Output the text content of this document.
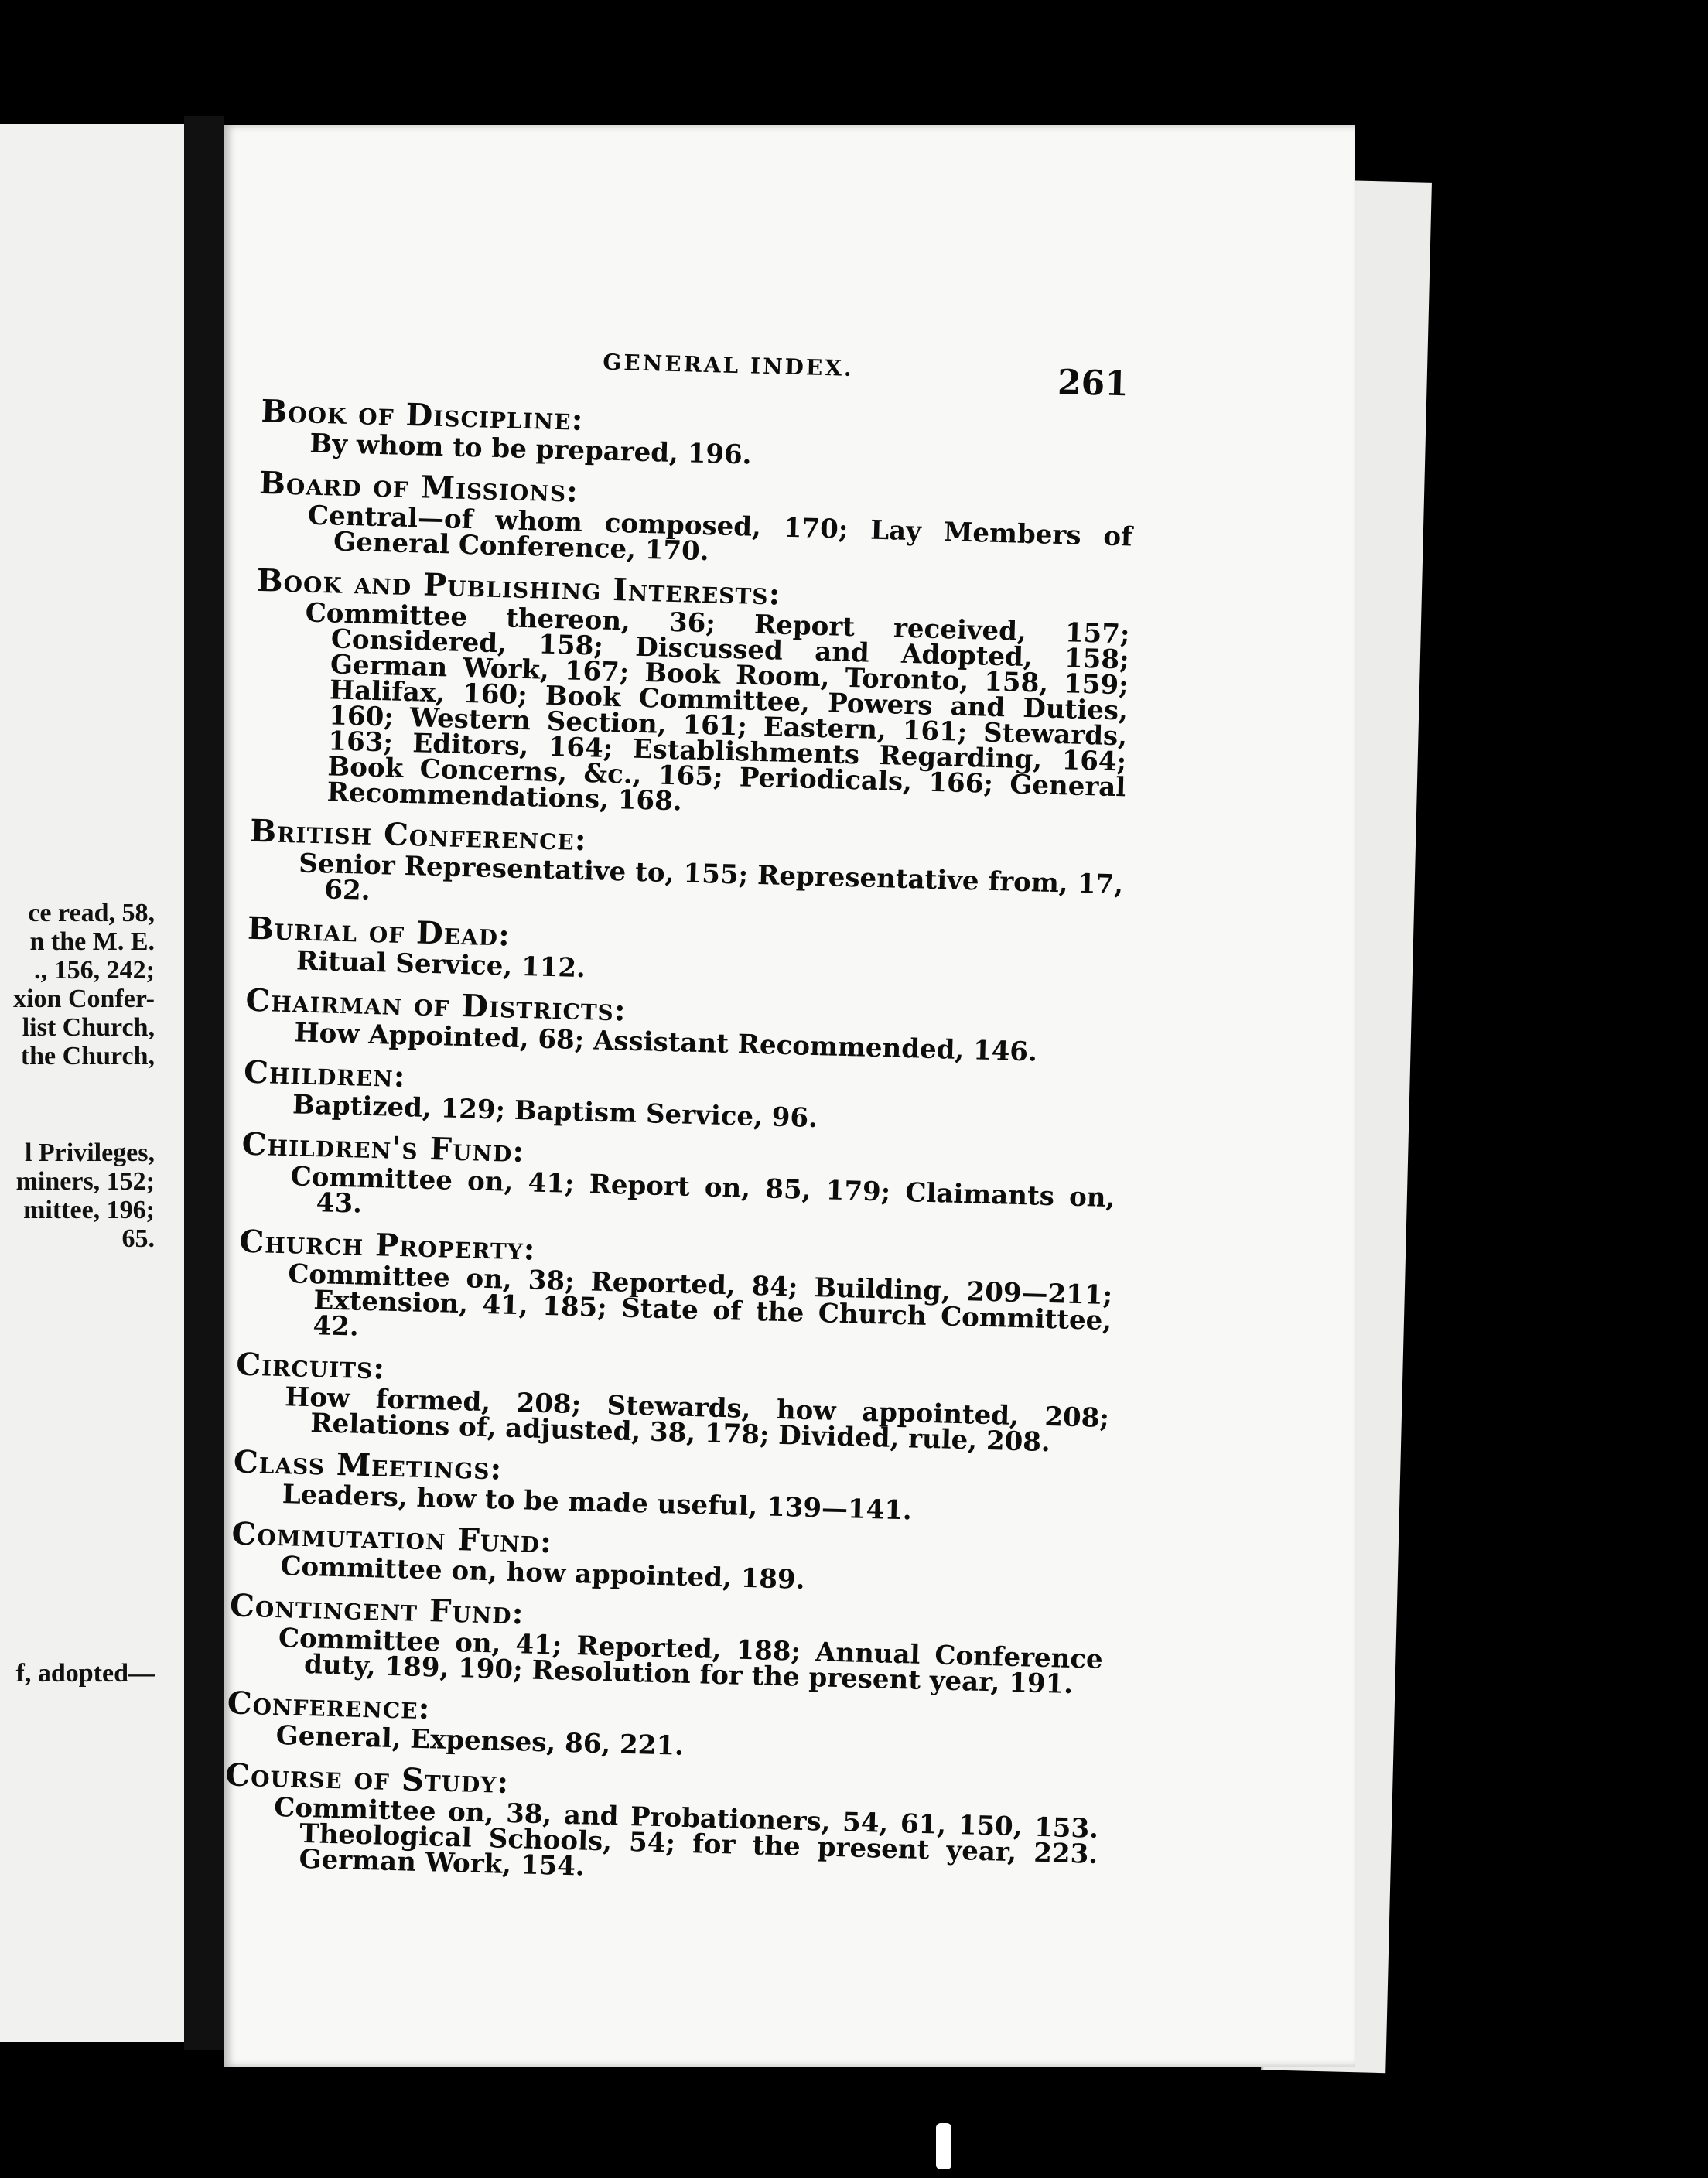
ce read, 58,
n the M. E.
., 156, 242;
xion Confer-
list Church,
the Church,
l Privileges,
miners, 152;
mittee, 196;
65.
f, adopted—
GENERAL INDEX.	261
Book of Discipline:
By whom to be prepared, 196.
Board of Missions:
Central—of whom composed, 170; Lay Members of General Conference, 170.
Book and Publishing Interests:
Committee thereon, 36; Report received, 157; Considered, 158; Discussed and Adopted, 158; German Work, 167; Book Room, Toronto, 158, 159; Halifax, 160; Book Committee, Powers and Duties, 160; Western Section, 161; Eastern, 161; Stewards, 163; Editors, 164; Establishments Regarding, 164; Book Concerns, &c., 165; Periodicals, 166; General Recommendations, 168.
British Conference:
Senior Representative to, 155; Representative from, 17, 62.
Burial of Dead:
Ritual Service, 112.
Chairman of Districts:
How Appointed, 68; Assistant Recommended, 146.
Children:
Baptized, 129; Baptism Service, 96.
Children's Fund:
Committee on, 41; Report on, 85, 179; Claimants on, 43.
Church Property:
Committee on, 38; Reported, 84; Building, 209—211; Extension, 41, 185; State of the Church Committee, 42.
Circuits:
How formed, 208; Stewards, how appointed, 208; Relations of, adjusted, 38, 178; Divided, rule, 208.
Class Meetings:
Leaders, how to be made useful, 139—141.
Commutation Fund:
Committee on, how appointed, 189.
Contingent Fund:
Committee on, 41; Reported, 188; Annual Conference duty, 189, 190; Resolution for the present year, 191.
Conference:
General, Expenses, 86, 221.
Course of Study:
Committee on, 38, and Probationers, 54, 61, 150, 153. Theological Schools, 54; for the present year, 223. German Work, 154.
